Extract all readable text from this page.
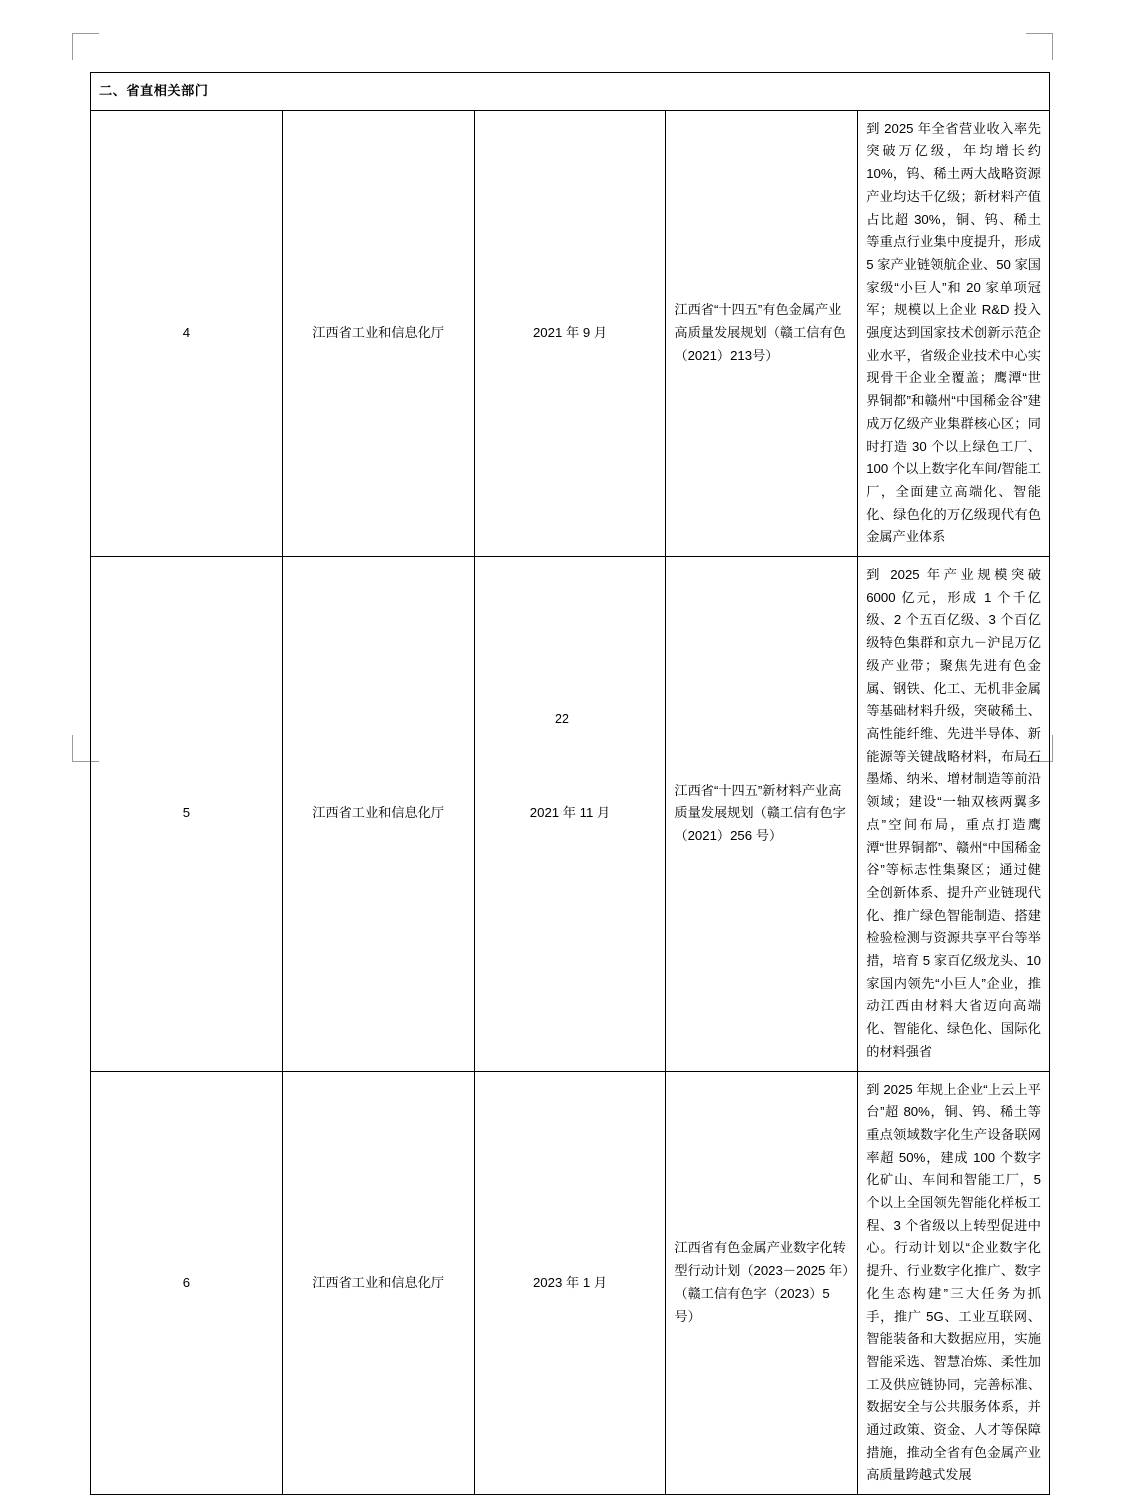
二、省直相关部门				
4	江西省工业和信息化厅	2021 年 9 月	江西省“十四五”有色金属产业高质量发展规划（赣工信有色（2021）213号）	到 2025 年全省营业收入率先突破万亿级，年均增长约 10%，钨、稀土两大战略资源产业均达千亿级；新材料产值占比超 30%，铜、钨、稀土等重点行业集中度提升，形成 5 家产业链领航企业、50 家国家级“小巨人”和 20 家单项冠军；规模以上企业 R&D 投入强度达到国家技术创新示范企业水平，省级企业技术中心实现骨干企业全覆盖；鹰潭“世界铜都”和赣州“中国稀金谷”建成万亿级产业集群核心区；同时打造 30 个以上绿色工厂、100 个以上数字化车间/智能工厂，全面建立高端化、智能化、绿色化的万亿级现代有色金属产业体系
5	江西省工业和信息化厅	2021 年 11 月	江西省“十四五”新材料产业高质量发展规划（赣工信有色字（2021）256 号）	到 2025 年产业规模突破 6000 亿元，形成 1 个千亿级、2 个五百亿级、3 个百亿级特色集群和京九－沪昆万亿级产业带；聚焦先进有色金属、钢铁、化工、无机非金属等基础材料升级，突破稀土、高性能纤维、先进半导体、新能源等关键战略材料，布局石墨烯、纳米、增材制造等前沿领域；建设“一轴双核两翼多点”空间布局，重点打造鹰潭“世界铜都”、赣州“中国稀金谷”等标志性集聚区；通过健全创新体系、提升产业链现代化、推广绿色智能制造、搭建检验检测与资源共享平台等举措，培育 5 家百亿级龙头、10 家国内领先“小巨人”企业，推动江西由材料大省迈向高端化、智能化、绿色化、国际化的材料强省
6	江西省工业和信息化厅	2023 年 1 月	江西省有色金属产业数字化转型行动计划（2023－2025 年）（赣工信有色字（2023）5 号）	到 2025 年规上企业“上云上平台”超 80%，铜、钨、稀土等重点领域数字化生产设备联网率超 50%，建成 100 个数字化矿山、车间和智能工厂，5 个以上全国领先智能化样板工程、3 个省级以上转型促进中心。行动计划以“企业数字化提升、行业数字化推广、数字化生态构建”三大任务为抓手，推广 5G、工业互联网、智能装备和大数据应用，实施智能采选、智慧冶炼、柔性加工及供应链协同，完善标准、数据安全与公共服务体系，并通过政策、资金、人才等保障措施，推动全省有色金属产业高质量跨越式发展
22
